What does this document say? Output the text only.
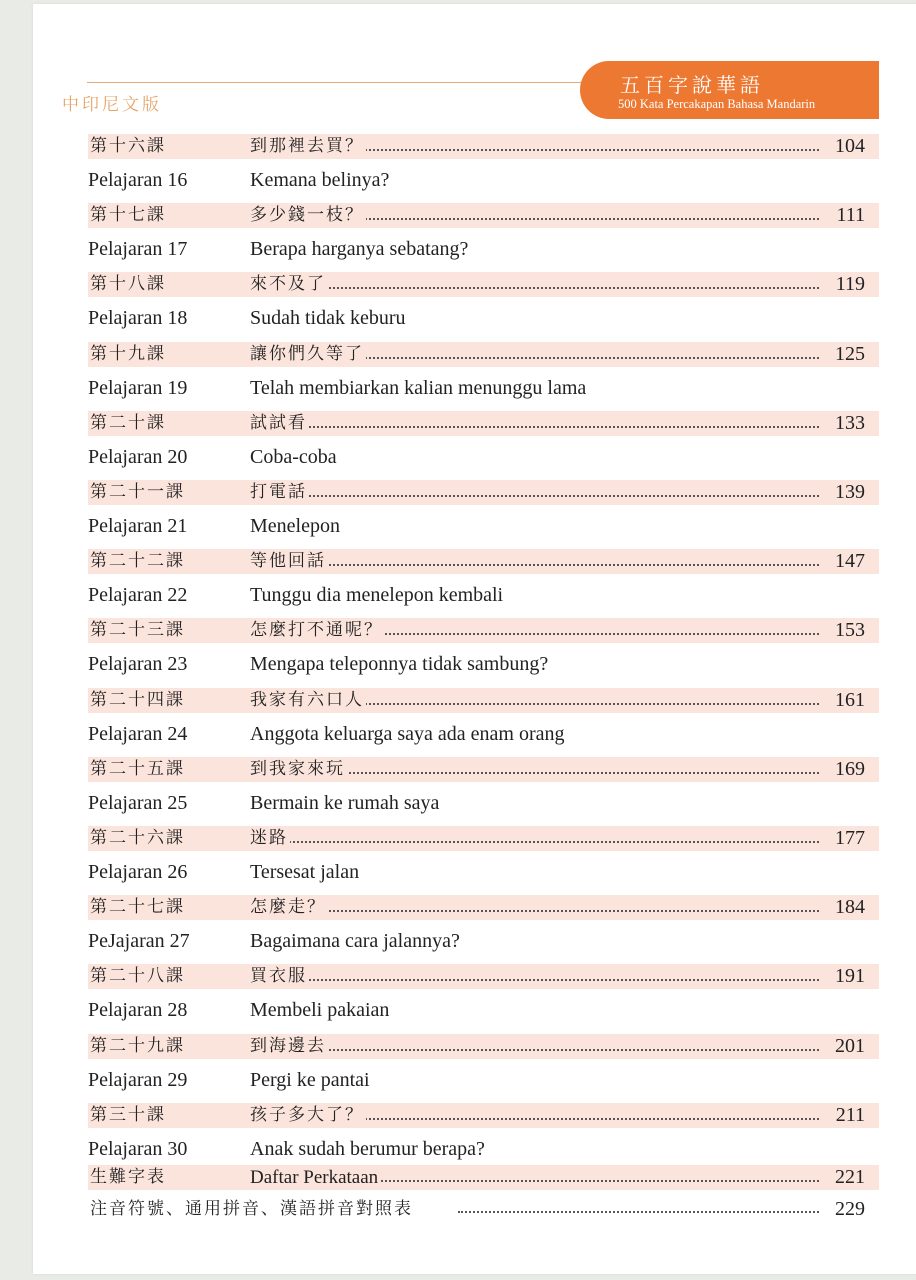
中印尼文版
五百字說華語
500 Kata Percakapan Bahasa Mandarin
第十六課	到那裡去買？	104
Pelajaran 16	Kemana belinya?
第十七課	多少錢一枝？	111
Pelajaran 17	Berapa harganya sebatang?
第十八課	來不及了	119
Pelajaran 18	Sudah tidak keburu
第十九課	讓你們久等了	125
Pelajaran 19	Telah membiarkan kalian menunggu lama
第二十課	試試看	133
Pelajaran 20	Coba-coba
第二十一課	打電話	139
Pelajaran 21	Menelepon
第二十二課	等他回話	147
Pelajaran 22	Tunggu dia menelepon kembali
第二十三課	怎麼打不通呢？	153
Pelajaran 23	Mengapa teleponnya tidak sambung?
第二十四課	我家有六口人	161
Pelajaran 24	Anggota keluarga saya ada enam orang
第二十五課	到我家來玩	169
Pelajaran 25	Bermain ke rumah saya
第二十六課	迷路	177
Pelajaran 26	Tersesat jalan
第二十七課	怎麼走？	184
PeJajaran 27	Bagaimana cara jalannya?
第二十八課	買衣服	191
Pelajaran 28	Membeli pakaian
第二十九課	到海邊去	201
Pelajaran 29	Pergi ke pantai
第三十課	孩子多大了？	211
Pelajaran 30	Anak sudah berumur berapa?
生難字表	Daftar Perkataan	221
注音符號、通用拼音、漢語拼音對照表	229
